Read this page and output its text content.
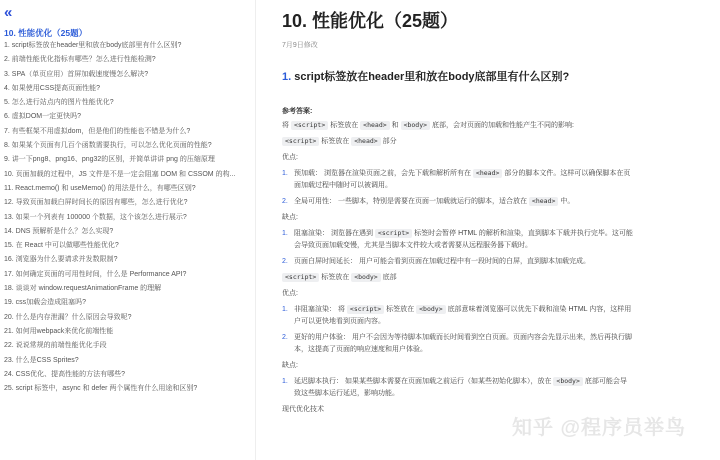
«
10. 性能优化（25题）
1. script标签放在header里和放在body底部里有什么区别?
2. 前端性能优化指标有哪些？怎么进行性能检测?
3. SPA（单页应用）首屏加载速度慢怎么解决?
4. 如果使用CSS提高页面性能?
5. 怎么进行站点内的图片性能优化?
6. 虚拟DOM一定更快吗?
7. 有些框架不用虚拟dom，但是他们的性能也不错是为什么?
8. 如果某个页面有几百个函数需要执行，可以怎么优化页面的性能?
9. 讲一下png8、png16、png32的区别，并简单讲讲 png 的压缩原理
10. 页面加载的过程中，JS 文件是不是一定会阻塞 DOM 和 CSSOM 的构...
11. React.memo() 和 useMemo() 的用法是什么，有哪些区别?
12. 导致页面加载白屏时间长的原因有哪些，怎么进行优化?
13. 如果一个列表有 100000 个数据，这个该怎么进行展示?
14. DNS 预解析是什么？怎么实现?
15. 在 React 中可以做哪些性能优化?
16. 浏览器为什么要请求并发数限制?
17. 如何确定页面的可用性时间，什么是 Performance API?
18. 谈谈对 window.requestAnimationFrame 的理解
19. css加载会造成阻塞吗?
20. 什么是内存泄漏？什么原因会导致呢?
21. 如何用webpack来优化前端性能
22. 说说常规的前端性能优化手段
23. 什么是CSS Sprites?
24. CSS优化、提高性能的方法有哪些?
25. script 标签中，async 和 defer 两个属性有什么用途和区别?
10. 性能优化（25题）
7月9日修改
1. script标签放在header里和放在body底部里有什么区别?
参考答案:
将 <script> 标签放在 <head> 和 <body> 底部，会对页面的加载和性能产生不同的影响:
<script> 标签放在 <head> 部分
优点:
1. 预加载： 浏览器在渲染页面之前，会先下载和解析所有在 <head> 部分的脚本文件。这样可以确保脚本在页
面加载过程中随时可以被调用。
2. 全局可用性： 一些脚本，特别是需要在页面一加载就运行的脚本，适合放在 <head> 中。
缺点:
1. 阻塞渲染： 浏览器在遇到 <script> 标签时会暂停 HTML 的解析和渲染，直到脚本下载并执行完毕。这可能
会导致页面加载变慢，尤其是当脚本文件较大或者需要从远程服务器下载时。
2. 页面白屏时间延长： 用户可能会看到页面在加载过程中有一段时间的白屏，直到脚本加载完成。
<script> 标签放在 <body> 底部
优点:
1. 非阻塞渲染： 将 <script> 标签放在 <body> 底部意味着浏览器可以优先下载和渲染 HTML 内容，这样用
户可以更快地看到页面内容。
2. 更好的用户体验： 用户不会因为等待脚本加载而长时间看到空白页面。页面内容会先显示出来，然后再执行脚
本，这提高了页面的响应速度和用户体验。
缺点:
1. 延迟脚本执行： 如果某些脚本需要在页面加载之前运行（如某些初始化脚本），放在 <body> 底部可能会导
致这些脚本运行延迟，影响功能。
现代优化技术
知乎 @程序员举鸟
